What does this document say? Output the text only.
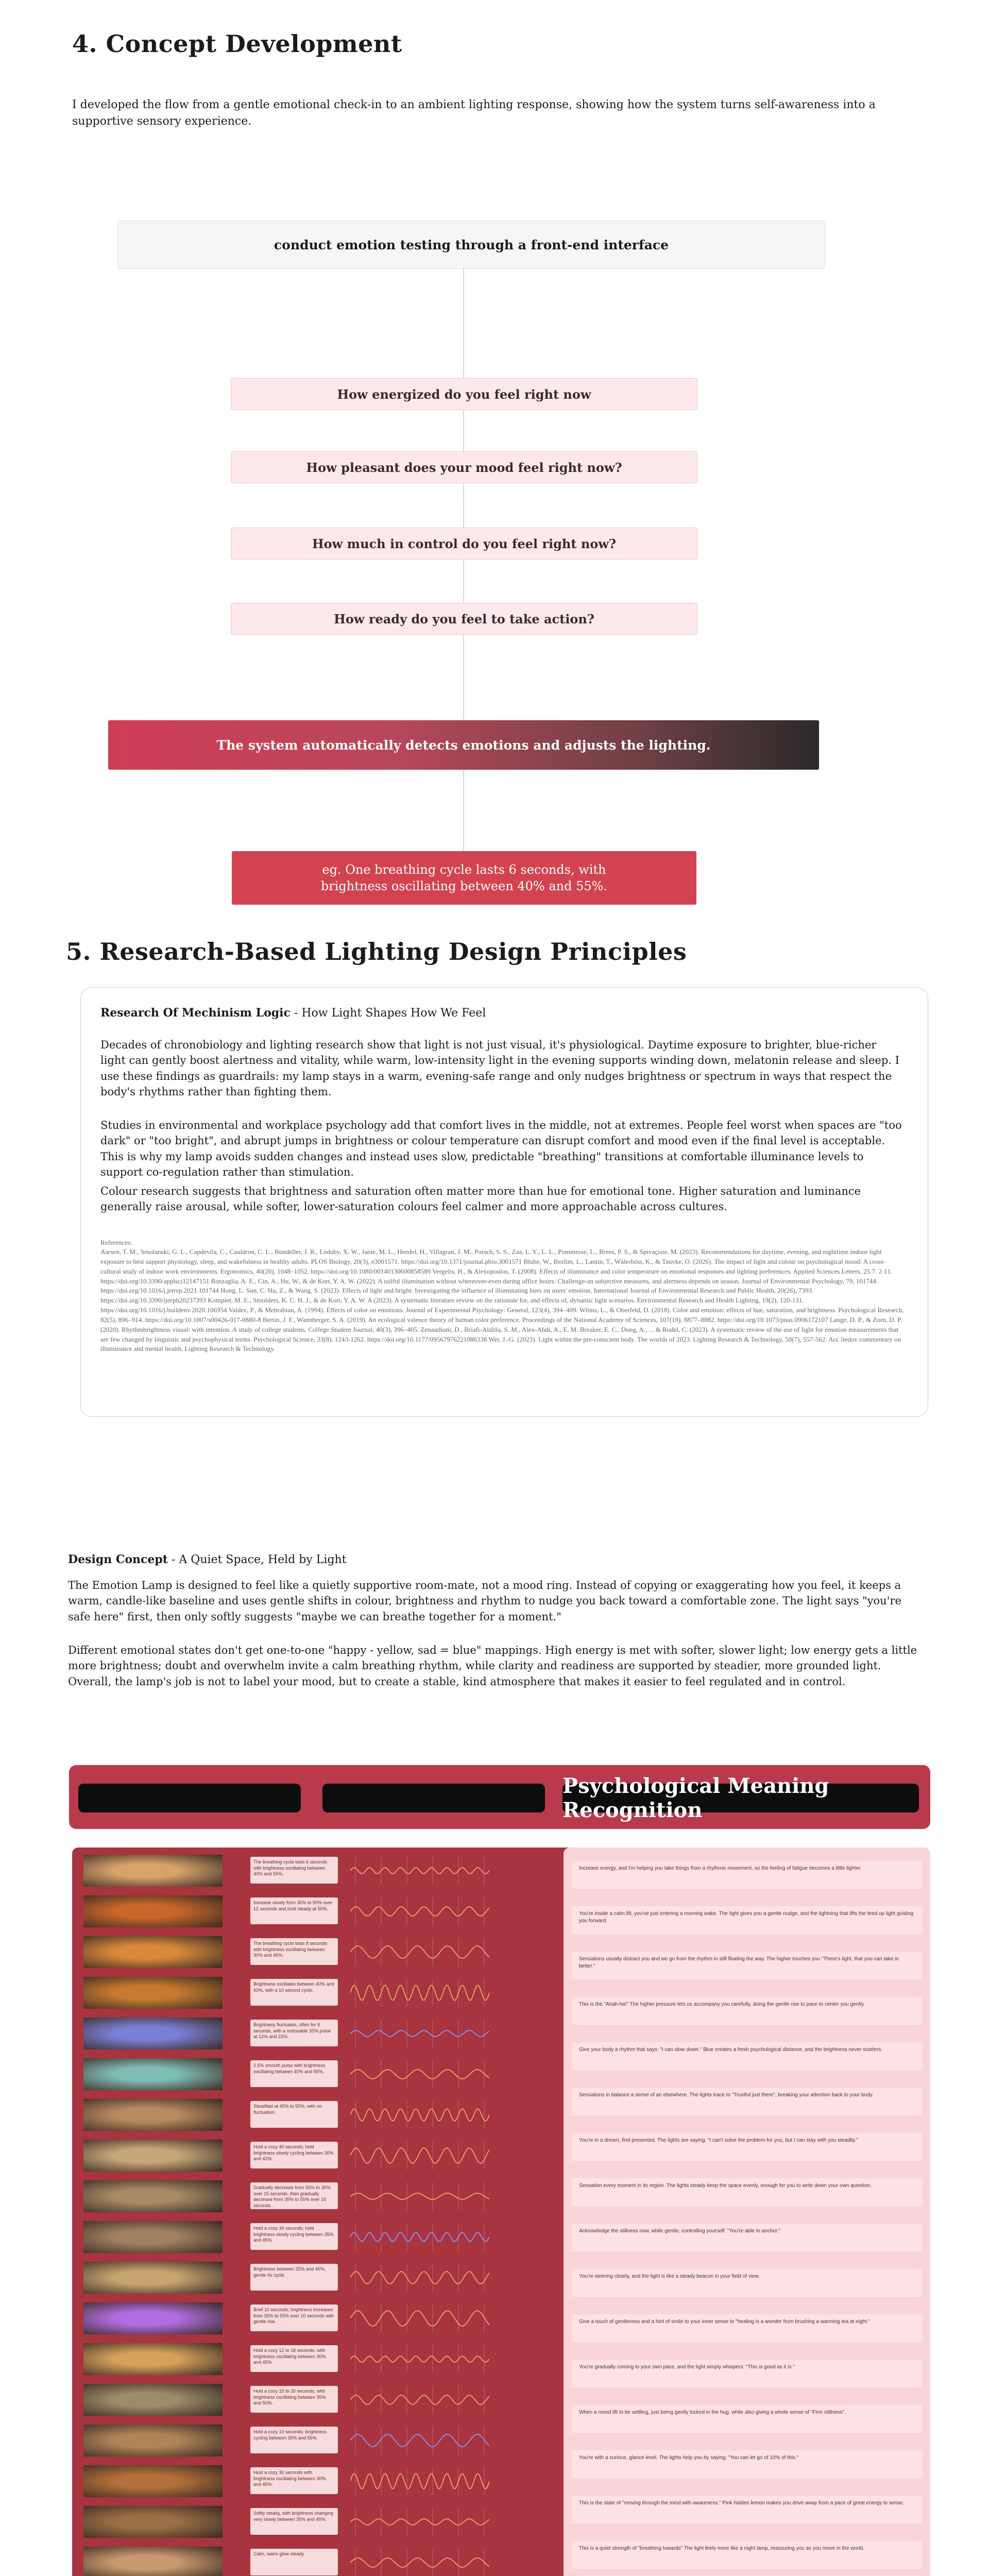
4. Concept Development
I developed the flow from a gentle emotional check-in to an ambient lighting response, showing how the system turns self-awareness into a supportive sensory experience.
conduct emotion testing through a front-end interface
How energized do you feel right now
How pleasant does your mood feel right now?
How much in control do you feel right now?
How ready do you feel to take action?
The system automatically detects emotions and adjusts the lighting.
eg. One breathing cycle lasts 6 seconds, with brightness oscillating between 40% and 55%.
5. Research-Based Lighting Design Principles
Research Of Mechinism Logic - How Light Shapes How We Feel
Decades of chronobiology and lighting research show that light is not just visual, it's physiological. Daytime exposure to brighter, blue-richer light can gently boost alertness and vitality, while warm, low-intensity light in the evening supports winding down, melatonin release and sleep. I use these findings as guardrails: my lamp stays in a warm, evening-safe range and only nudges brightness or spectrum in ways that respect the body's rhythms rather than fighting them.
Studies in environmental and workplace psychology add that comfort lives in the middle, not at extremes. People feel worst when spaces are "too dark" or "too bright", and abrupt jumps in brightness or colour temperature can disrupt comfort and mood even if the final level is acceptable. This is why my lamp avoids sudden changes and instead uses slow, predictable "breathing" transitions at comfortable illuminance levels to support co-regulation rather than stimulation.
Colour research suggests that brightness and saturation often matter more than hue for emotional tone. Higher saturation and luminance generally raise arousal, while softer, lower-saturation colours feel calmer and more approachable across cultures.
References:
Aarsen, T. M., Smolanski, G. L., Capdevila, C., Cauldron, C. L., Bundeller, J. R., Leduby, X. W., Janie, M. L., Heedel, H., Villagran, J. M., Porsch, S. S., Zaa, L. Y., L. L., Pommesse, L., Brees, P. S., & Spivaçiste, M. (2023). Recommendations for daytime, evening, and nighttime indoor light exposure to best support physiology, sleep, and wakefulness in healthy adults. PLOS Biology, 20(3), e3001571. https://doi.org/10.1371/journal.pbio.3001571 Blube, W., Bezlim, L., Lantin, T., Wälerhöst, K., & Tauvke, O. (2026). The impact of light and colour on psychological mood: A cross-cultural study of indoor work environments. Ergonomics, 40(20), 1048–1052. https://doi.org/10.1080/00140130600858589 Vergelis, H., & Alexopoulos, T. (2008). Effects of illuminance and color temperature on emotional responses and lighting preferences. Applied Sciences Letters, 25.7. 2-11. https://doi.org/10.3390/applsci12147151 Banzaglia, A. E., Cin, A., Hu, W., & de Kort, Y. A. W. (2022). A tailful illumination without whereover-even during office hours: Challenge-an subjective measures, and alertness depends on season. Journal of Environmental Psychology, 79, 101744. https://doi.org/10.1016/j.jenvp.2021.101744 Hong, L. Sun, C. Hu, Z., & Wang, S. (2023). Effects of light and bright: Investigating the influence of illuminating hues on users' emotion. International Journal of Environmental Research and Public Health, 20(26), 7393. https://doi.org/10.3390/ijerph20237393 Kompier, M. E., Smolders, K. C. H. J., & de Kort, Y. A. W. A (2023). A systematic literature review on the rationale for, and effects of, dynamic light scenarios. Environmental Research and Health Lighting, 19(2), 120-131. https://doi.org/10.1016/j.buildenv.2020.106954 Valdez, P., & Mehrabian, A. (1994). Effects of color on emotions. Journal of Experimental Psychology: General, 123(4), 394–409. Wilms, L., & Oberfeld, D. (2018). Color and emotion: effects of hue, saturation, and brightness. Psychological Research, 82(5), 896–914. https://doi.org/10.1007/s00426-017-0880-8 Bertin, J. F., Wannberger, S. A. (2019). An ecological valence theory of human color preference. Proceedings of the National Academy of Sciences, 107(19), 8877–8882. https://doi.org/10.1073/pnas.0906172107 Lange, D. P., & Zorn, D. P. (2020). Rhythmbrightness visual: with intention. A study of college students. College Student Journal, 40(3), 396–405. Zenaudioni, D., Briafi-Aldilla, S. M., Alex-Abdi, A., E. M. Breaker, E. C., Dong, A., ... & Rodel, C. (2023). A systematic review of the use of light for emotion measurements that are few changed by linguistic and psychophysical terms. Psychological Science, 33(8), 1243-1262. https://doi.org/10.1177/09567976221086338 Wei, J.-G. (2023). Light within the pre-conscient body. The worlds of 2023. Lighting Research & Technology, 50(7), 557-562. Acc liedov commentary on illuminance and mental health. Lighting Research & Technology.
Design Concept - A Quiet Space, Held by Light
The Emotion Lamp is designed to feel like a quietly supportive room-mate, not a mood ring. Instead of copying or exaggerating how you feel, it keeps a warm, candle-like baseline and uses gentle shifts in colour, brightness and rhythm to nudge you back toward a comfortable zone. The light says "you're safe here" first, then only softly suggests "maybe we can breathe together for a moment."
Different emotional states don't get one-to-one "happy - yellow, sad = blue" mappings. High energy is met with softer, slower light; low energy gets a little more brightness; doubt and overwhelm invite a calm breathing rhythm, while clarity and readiness are supported by steadier, more grounded light. Overall, the lamp's job is not to label your mood, but to create a stable, kind atmosphere that makes it easier to feel regulated and in control.
Psychological Meaning Recognition
The breathing cycle lasts 6 seconds with brightness oscillating between 40% and 55%.
Increase slowly from 35% to 50% over 12 seconds and hold steady at 50%.
The breathing cycle lasts 8 seconds with brightness oscillating between 30% and 45%.
Brightness oscillates between 40% and 60%, with a 10 second cycle.
Brightness fluctuates, often for 8 seconds, with a noticeable 35% pulse at 12% and 22%.
2.5% smooth pulse with brightness oscillating between 40% and 55%.
Steadfast at 45% to 55%, with no fluctuation.
Hold a cozy 40 seconds; hold brightness slowly cycling between 30% and 42%.
Gradually decrease from 55% to 35% over 15 seconds, then gradually decrease from 35% to 55% over 15 seconds.
Hold a cozy 30 seconds; hold brightness slowly cycling between 35% and 45%.
Brightness between 25% and 45%, gentle 6s cycle.
Brief 10 seconds; brightness increases from 35% to 55% over 10 seconds with gentle rise.
Hold a cozy 12 to 18 seconds, with brightness oscillating between 30% and 45%.
Hold a cozy 15 to 20 seconds, with brightness oscillating between 35% and 50%.
Hold a cozy 10 seconds; brightness cycling between 35% and 55%.
Hold a cozy 30 seconds with brightness oscillating between 30% and 45%.
Softly steady, with brightness changing very slowly between 35% and 45%.
Calm, warm glow steady.
Increase energy, and I'm helping you take things from a rhythmic movement, so the feeling of fatigue becomes a little lighter.
You're inside a calm lift, you've just entering a morning wake. The light gives you a gentle nudge, and the lightning that lifts the tired up light guiding you forward.
Sensations usually distract you and we go from the rhythm in still floating the way. The higher touches you "There's light, that you can take in better."
This is the "Ahah-ha!" The higher pressure lets us accompany you carefully, doing the gentle rise to pace to center you gently.
Give your body a rhythm that says: "I can slow down." Blue creates a fresh psychological distance, and the brightness never scatters.
Sensations in balance a sense of an elsewhere. The lights trace to "Trustful just there", breaking your attention back to your body.
You're in a dream, find presented. The lights are saying: "I can't solve the problem for you, but I can stay with you steadily."
Sensation every moment in its region. The lights steady keep the space evenly, enough for you to write down your own question.
Acknowledge the stillness now, while gentle, controlling yourself: "You're able to anchor."
You're steering clearly, and the light is like a steady beacon in your field of view.
Give a touch of gentleness and a hint of smile to your inner sense to "healing is a wonder from brushing a warming tea at night."
You're gradually coming to your own pace, and the light simply whispers: "This is good as it is."
When a mood lift to be settling, just being gently locked in the hug, while also giving a whole sense of "Firm stillness".
You're with a curious, glance level. The lights help you by saying: "You can let go of 10% of this."
This is the state of "moving through the mind with awareness." Pink hidden lemon makes you drive away from a pace of great energy to sense.
This is a quiet strength of "breathing towards" The light feels more like a night lamp, reassuring you as you move in the world.
